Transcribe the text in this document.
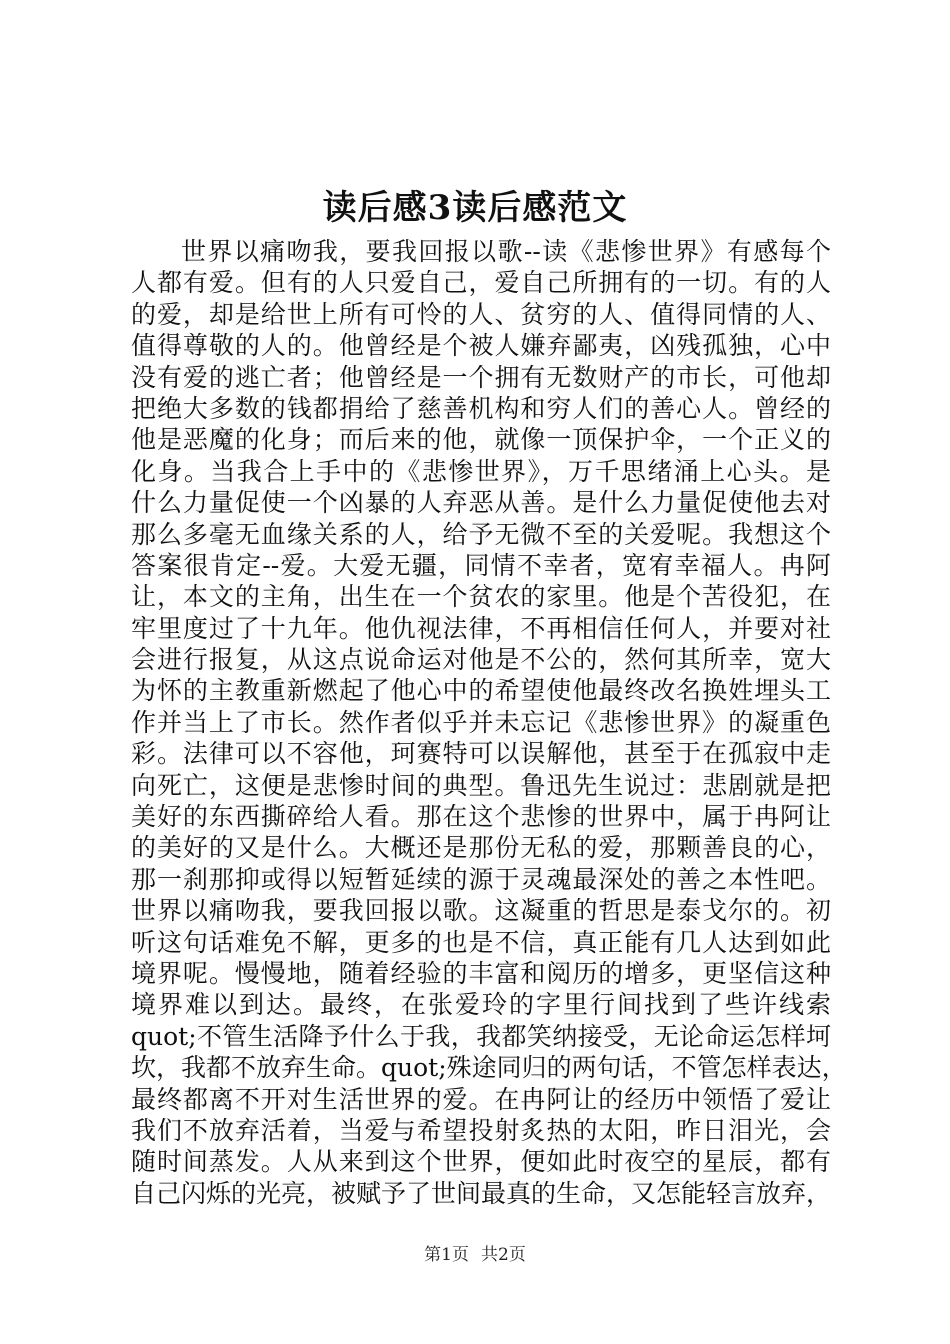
读后感3读后感范文
世界以痛吻我，要我回报以歌--读《悲惨世界》有感每个
人都有爱。但有的人只爱自己，爱自己所拥有的一切。有的人
的爱，却是给世上所有可怜的人、贫穷的人、值得同情的人、
值得尊敬的人的。他曾经是个被人嫌弃鄙夷，凶残孤独，心中
没有爱的逃亡者；他曾经是一个拥有无数财产的市长，可他却
把绝大多数的钱都捐给了慈善机构和穷人们的善心人。曾经的
他是恶魔的化身；而后来的他，就像一顶保护伞，一个正义的
化身。当我合上手中的《悲惨世界》，万千思绪涌上心头。是
什么力量促使一个凶暴的人弃恶从善。是什么力量促使他去对
那么多毫无血缘关系的人，给予无微不至的关爱呢。我想这个
答案很肯定--爱。大爱无疆，同情不幸者，宽宥幸福人。冉阿
让，本文的主角，出生在一个贫农的家里。他是个苦役犯，在
牢里度过了十九年。他仇视法律，不再相信任何人，并要对社
会进行报复，从这点说命运对他是不公的，然何其所幸，宽大
为怀的主教重新燃起了他心中的希望使他最终改名换姓埋头工
作并当上了市长。然作者似乎并未忘记《悲惨世界》的凝重色
彩。法律可以不容他，珂赛特可以误解他，甚至于在孤寂中走
向死亡，这便是悲惨时间的典型。鲁迅先生说过：悲剧就是把
美好的东西撕碎给人看。那在这个悲惨的世界中，属于冉阿让
的美好的又是什么。大概还是那份无私的爱，那颗善良的心，
那一刹那抑或得以短暂延续的源于灵魂最深处的善之本性吧。
世界以痛吻我，要我回报以歌。这凝重的哲思是泰戈尔的。初
听这句话难免不解，更多的也是不信，真正能有几人达到如此
境界呢。慢慢地，随着经验的丰富和阅历的增多，更坚信这种
境界难以到达。最终，在张爱玲的字里行间找到了些许线索
quot;不管生活降予什么于我，我都笑纳接受，无论命运怎样坷
坎，我都不放弃生命。quot;殊途同归的两句话，不管怎样表达，
最终都离不开对生活世界的爱。在冉阿让的经历中领悟了爱让
我们不放弃活着，当爱与希望投射炙热的太阳，昨日泪光，会
随时间蒸发。人从来到这个世界，便如此时夜空的星辰，都有
自己闪烁的光亮，被赋予了世间最真的生命，又怎能轻言放弃，
第1页 共2页
